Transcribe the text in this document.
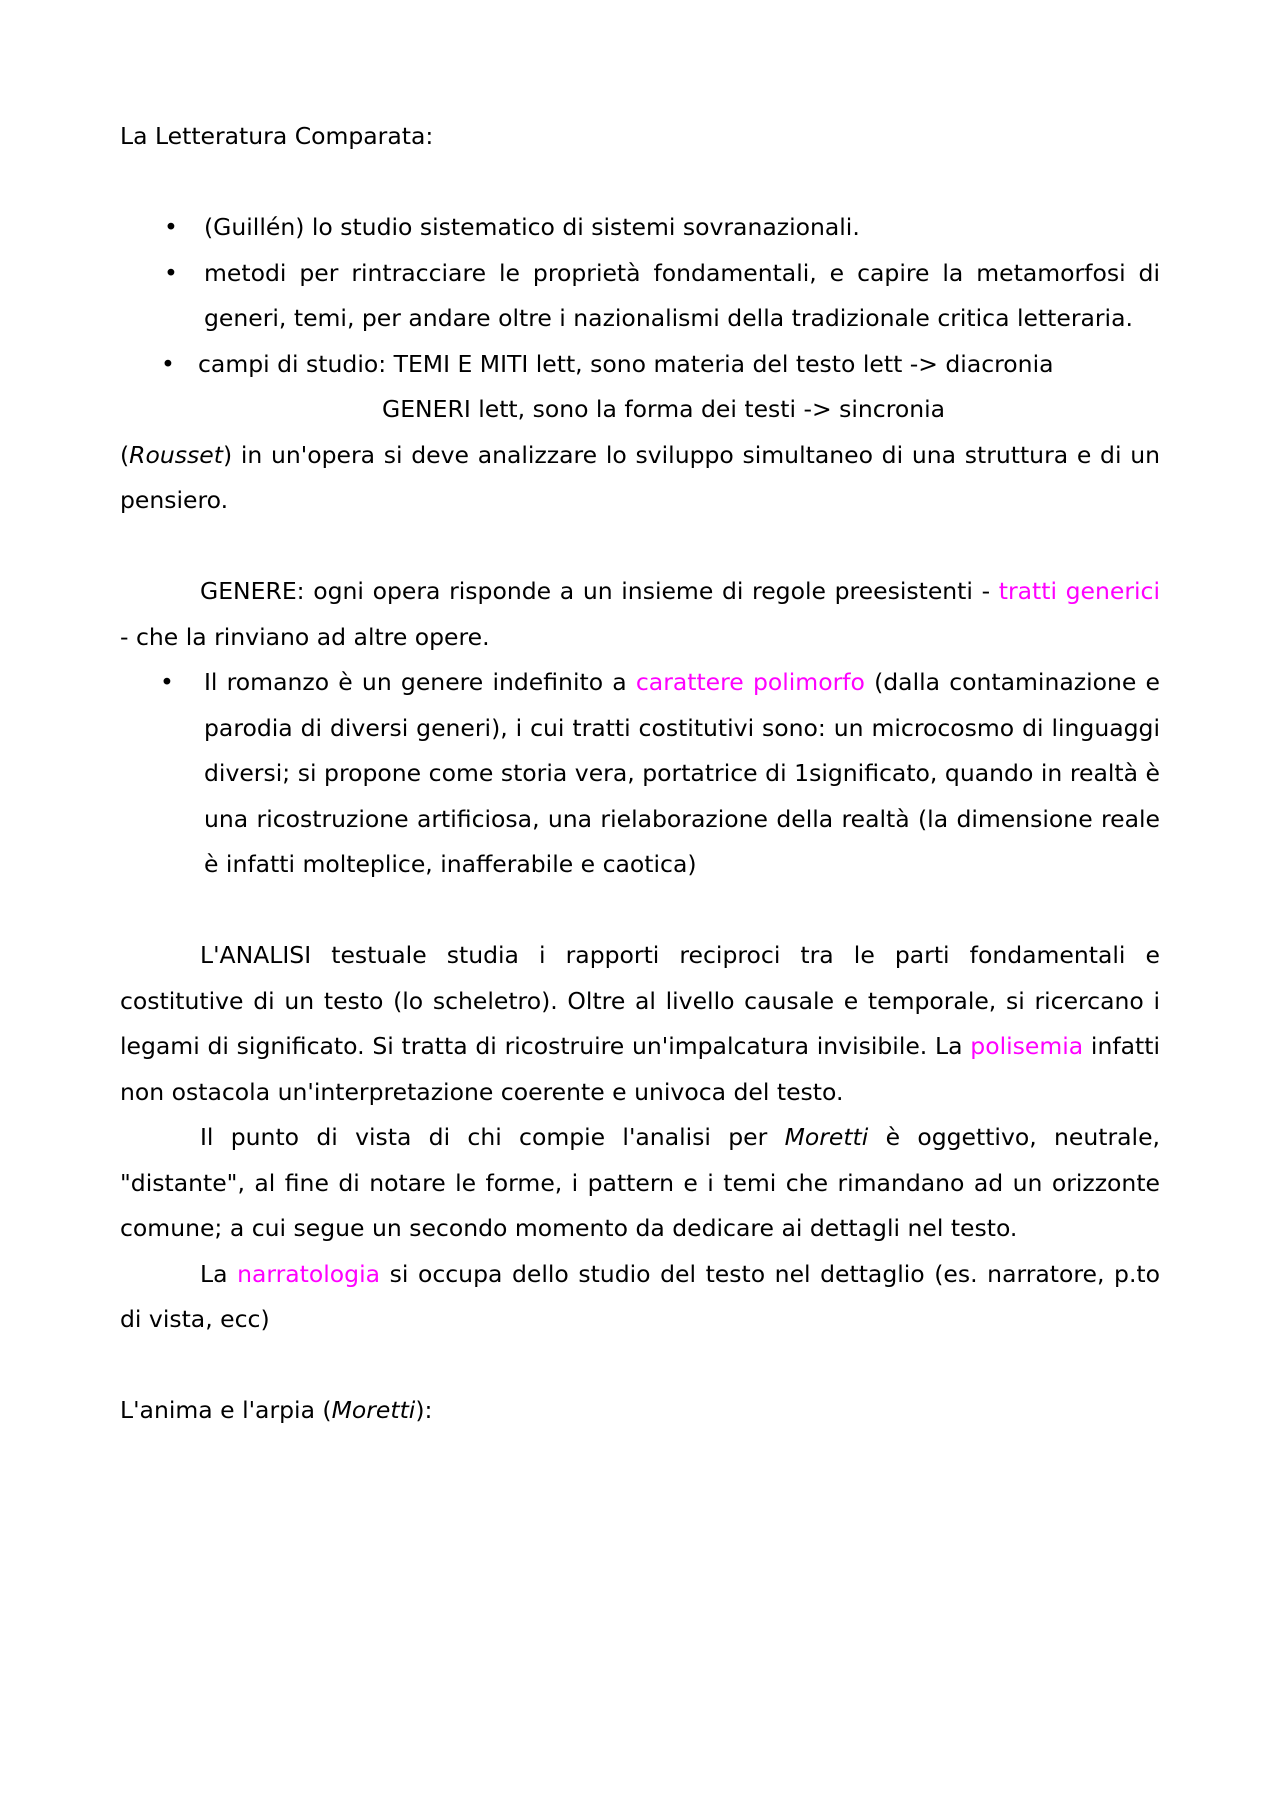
La Letteratura Comparata:

• (Guillén) lo studio sistematico di sistemi sovranazionali.
• metodi per rintracciare le proprietà fondamentali, e capire la metamorfosi di generi, temi, per andare oltre i nazionalismi della tradizionale critica letteraria.
• campi di studio: TEMI E MITI lett, sono materia del testo lett -> diacronia

GENERI lett, sono la forma dei testi -> sincronia

(Rousset) in un'opera si deve analizzare lo sviluppo simultaneo di una struttura e di un pensiero.

GENERE: ogni opera risponde a un insieme di regole preesistenti - tratti generici - che la rinviano ad altre opere.

• Il romanzo è un genere indefinito a carattere polimorfo (dalla contaminazione e parodia di diversi generi), i cui tratti costitutivi sono: un microcosmo di linguaggi diversi; si propone come storia vera, portatrice di 1significato, quando in realtà è una ricostruzione artificiosa, una rielaborazione della realtà (la dimensione reale è infatti molteplice, inafferabile e caotica)

L'ANALISI testuale studia i rapporti reciproci tra le parti fondamentali e costitutive di un testo (lo scheletro). Oltre al livello causale e temporale, si ricercano i legami di significato. Si tratta di ricostruire un'impalcatura invisibile. La polisemia infatti non ostacola un'interpretazione coerente e univoca del testo.

Il punto di vista di chi compie l'analisi per Moretti è oggettivo, neutrale, "distante", al fine di notare le forme, i pattern e i temi che rimandano ad un orizzonte comune; a cui segue un secondo momento da dedicare ai dettagli nel testo.

La narratologia si occupa dello studio del testo nel dettaglio (es. narratore, p.to di vista, ecc)

L'anima e l'arpia (Moretti):
